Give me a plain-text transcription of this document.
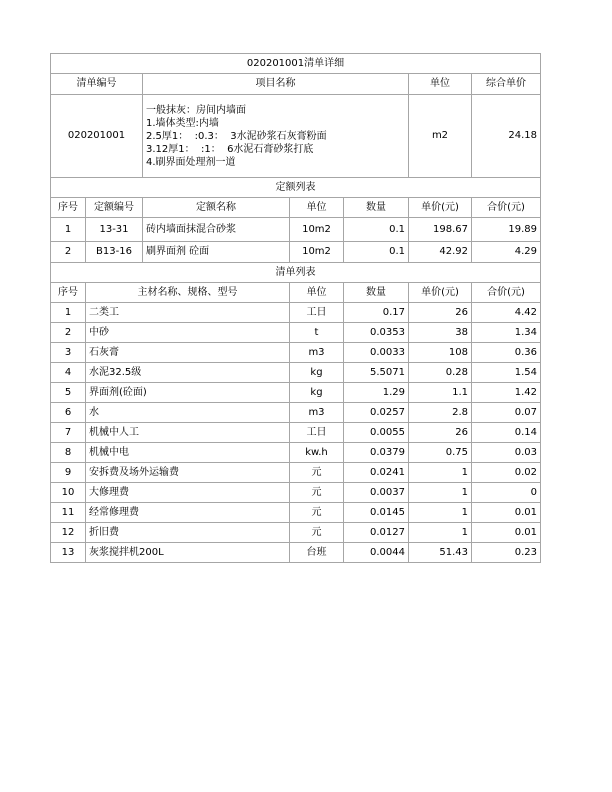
020201001清单详细						
清单编号		项目名称			单位	综合单价
020201001		一般抹灰：房间内墙面
1.墙体类型:内墙
2.5厚1：  :0.3：  3水泥砂浆石灰膏粉面
3.12厚1：  :1：  6水泥石膏砂浆打底
4.刷界面处理剂一道			m2	24.18
定额列表						
序号	定额编号	定额名称	单位	数量	单价(元)	合价(元)
1	13-31	砖内墙面抹混合砂浆	10m2	0.1	198.67	19.89
2	B13-16	刷界面剂 砼面	10m2	0.1	42.92	4.29
清单列表						
序号	主材名称、规格、型号		单位	数量	单价(元)	合价(元)
1	二类工		工日	0.17	26	4.42
2	中砂		t	0.0353	38	1.34
3	石灰膏		m3	0.0033	108	0.36
4	水泥32.5级		kg	5.5071	0.28	1.54
5	界面剂(砼面)		kg	1.29	1.1	1.42
6	水		m3	0.0257	2.8	0.07
7	机械中人工		工日	0.0055	26	0.14
8	机械中电		kw.h	0.0379	0.75	0.03
9	安拆费及场外运输费		元	0.0241	1	0.02
10	大修理费		元	0.0037	1	0
11	经常修理费		元	0.0145	1	0.01
12	折旧费		元	0.0127	1	0.01
13	灰浆搅拌机200L		台班	0.0044	51.43	0.23
